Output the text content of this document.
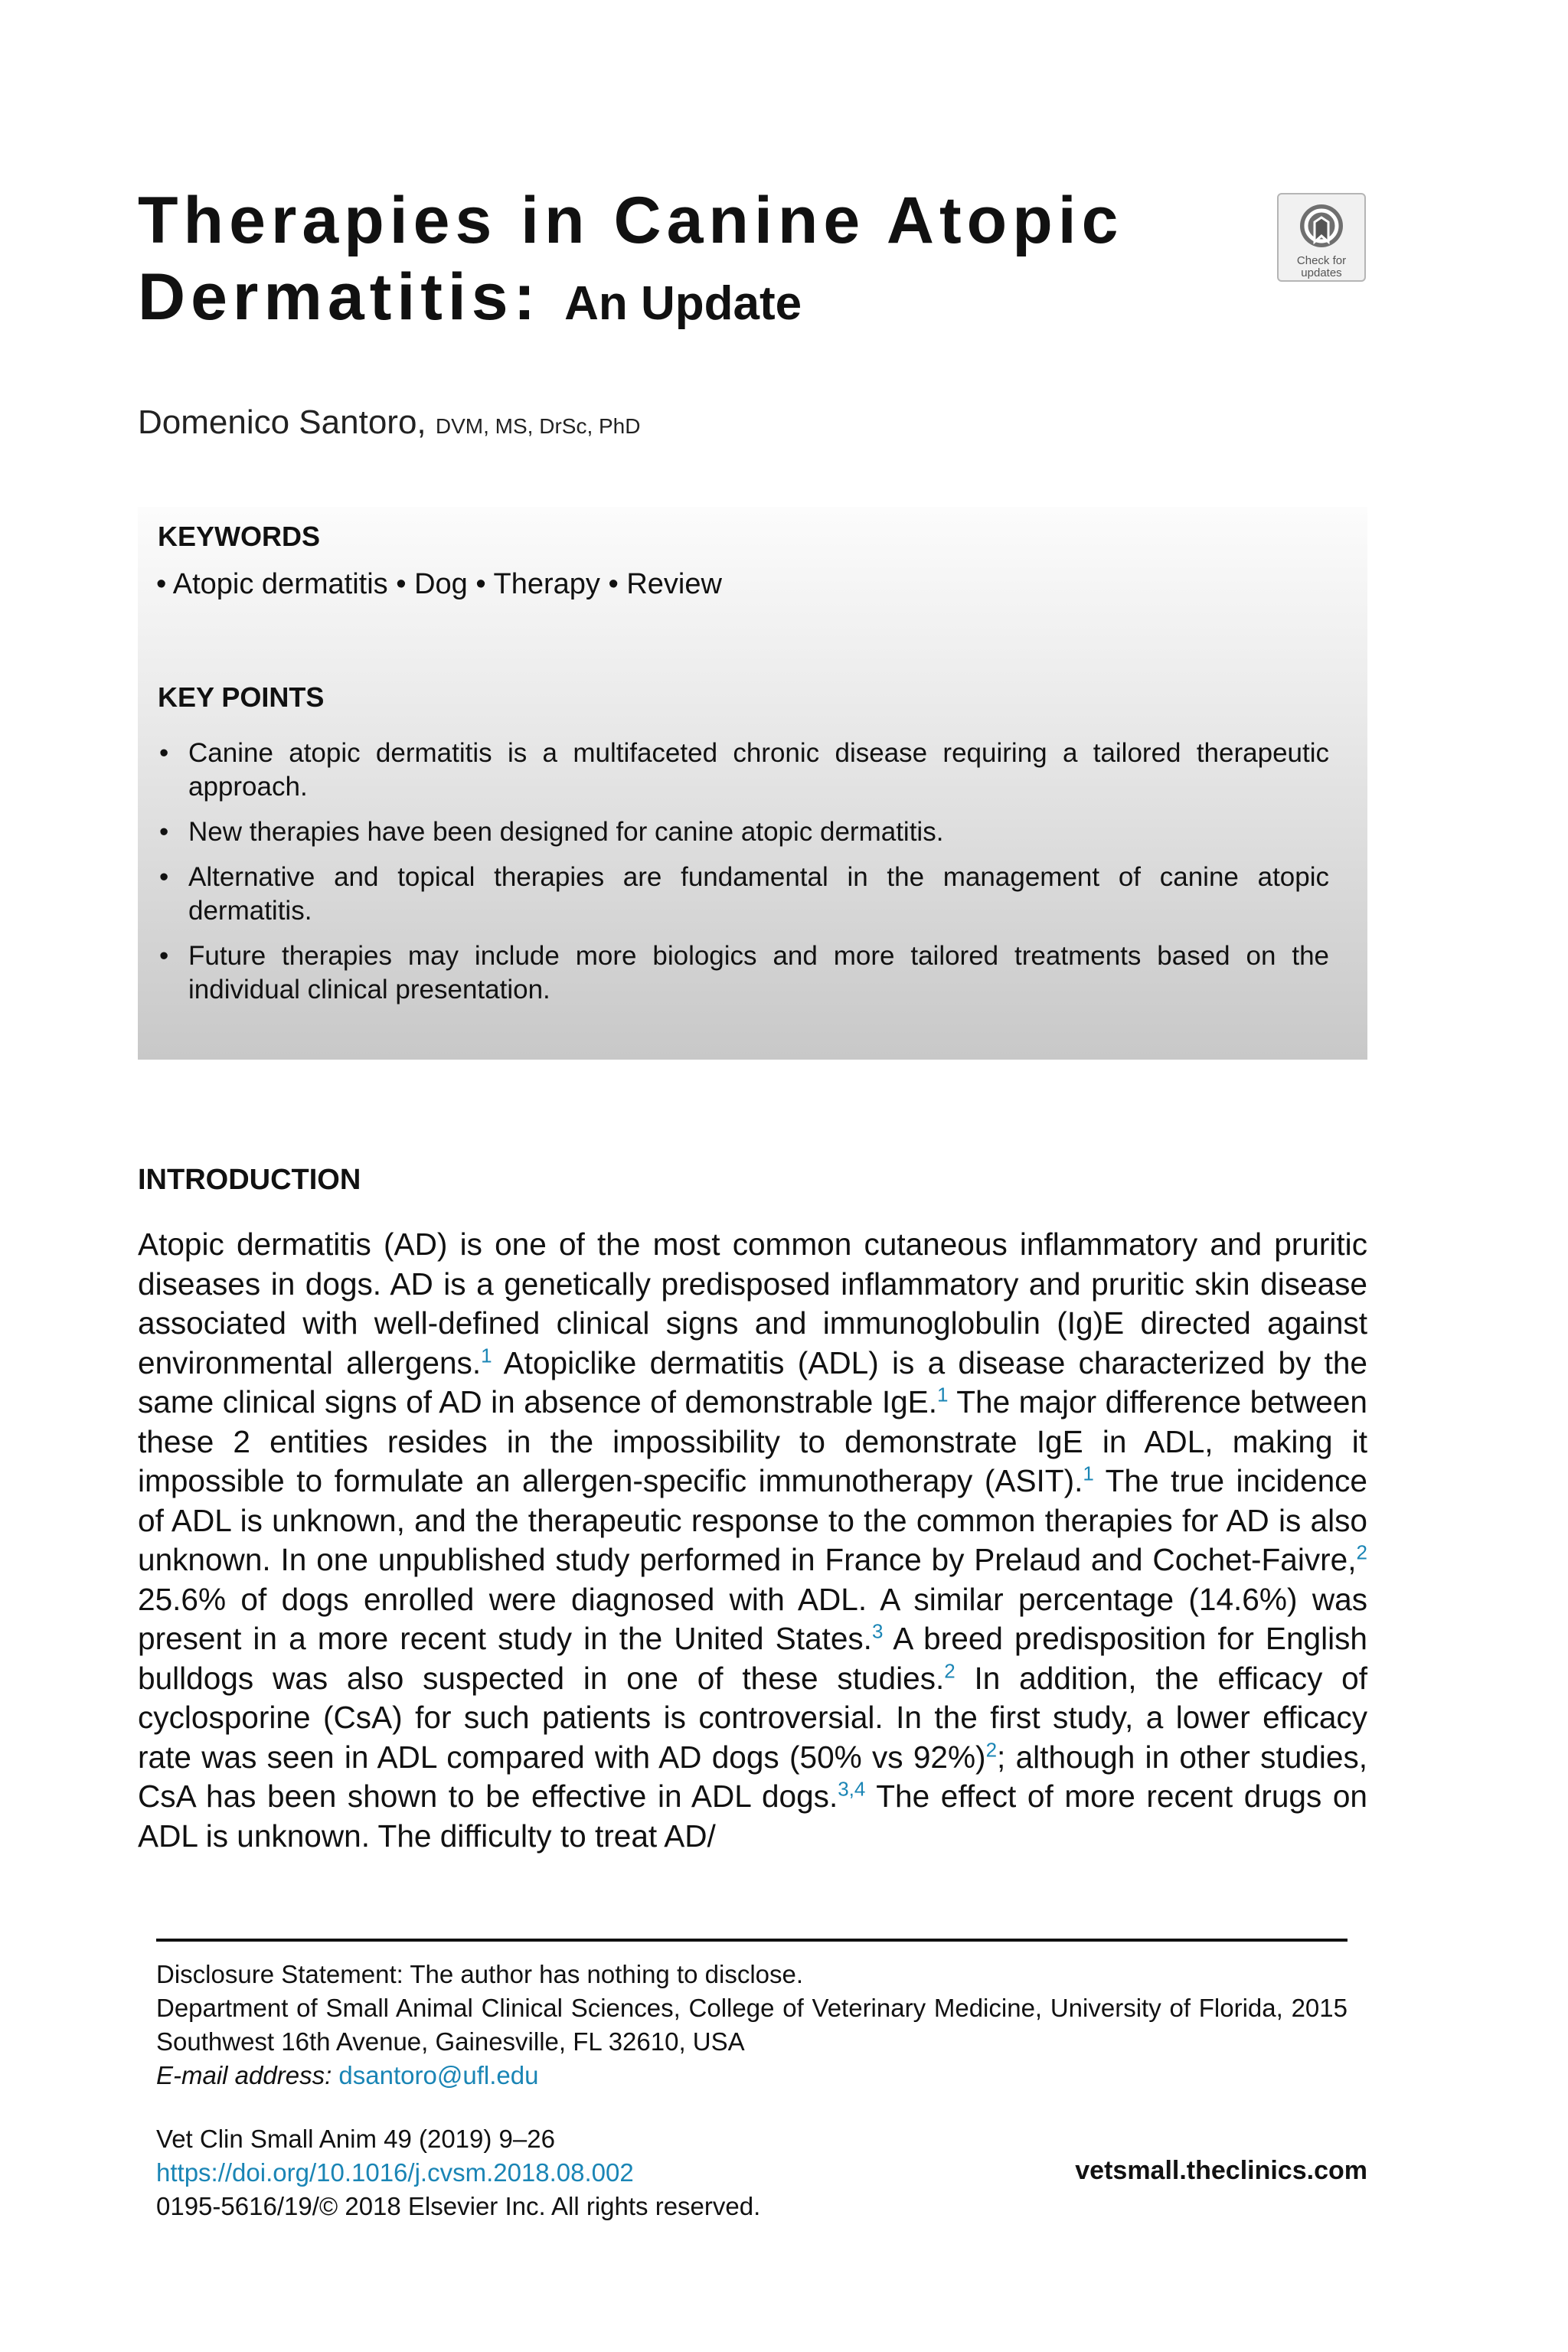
Therapies in Canine Atopic
Dermatitis: An Update
Check for
updates
Domenico Santoro, DVM, MS, DrSc, PhD

KEYWORDS

• Atopic dermatitis • Dog • Therapy • Review

KEY POINTS

• Canine atopic dermatitis is a multifaceted chronic disease requiring a tailored therapeutic approach.
• New therapies have been designed for canine atopic dermatitis.
• Alternative and topical therapies are fundamental in the management of canine atopic dermatitis.
• Future therapies may include more biologics and more tailored treatments based on the individual clinical presentation.
INTRODUCTION

Atopic dermatitis (AD) is one of the most common cutaneous inflammatory and pruritic diseases in dogs. AD is a genetically predisposed inflammatory and pruritic skin disease associated with well-defined clinical signs and immunoglobulin (Ig)E directed against environmental allergens.$^1$ Atopiclike dermatitis (ADL) is a disease characterized by the same clinical signs of AD in absence of demonstrable IgE.$^1$ The major difference between these 2 entities resides in the impossibility to demonstrate IgE in ADL, making it impossible to formulate an allergen-specific immunotherapy (ASIT).$^1$ The true incidence of ADL is unknown, and the therapeutic response to the common therapies for AD is also unknown. In one unpublished study performed in France by Prelaud and Cochet-Faivre,$^2$ 25.6% of dogs enrolled were diagnosed with ADL. A similar percentage (14.6%) was present in a more recent study in the United States.$^3$ A breed predisposition for English bulldogs was also suspected in one of these studies.$^2$ In addition, the efficacy of cyclosporine (CsA) for such patients is controversial. In the first study, a lower efficacy rate was seen in ADL compared with AD dogs (50% vs 92%)$^2$; although in other studies, CsA has been shown to be effective in ADL dogs.$^{3,4}$ The effect of more recent drugs on ADL is unknown. The difficulty to treat AD/

Disclosure Statement: The author has nothing to disclose.

Department of Small Animal Clinical Sciences, College of Veterinary Medicine, University of Florida, 2015 Southwest 16th Avenue, Gainesville, FL 32610, USA

E-mail address: dsantoro@ufl.edu

Vet Clin Small Anim 49 (2019) 9–26

https://doi.org/10.1016/j.cvsm.2018.08.002

0195-5616/19/© 2018 Elsevier Inc. All rights reserved.

vetsmall.theclinics.com
